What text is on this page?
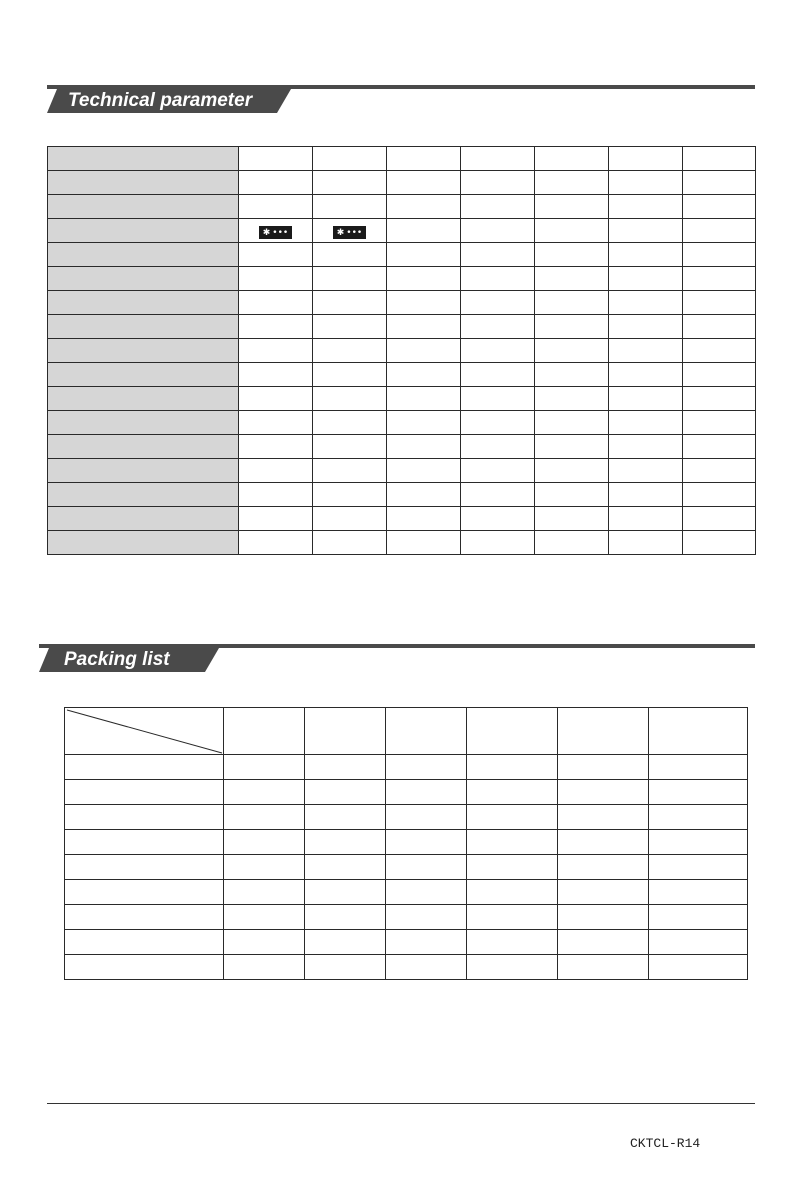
Technical parameter

	✱ •••	✱ •••					

Packing list

CKTCL-R14
